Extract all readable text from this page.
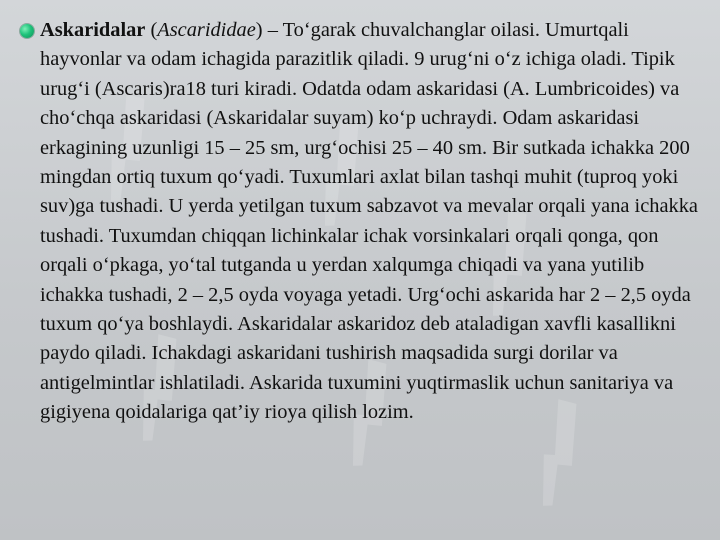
Askaridalar (Ascarididae) – To‘garak chuvalchanglar oilasi. Umurtqali hayvonlar va odam ichagida parazitlik qiladi. 9 urug‘ni o‘z ichiga oladi. Tipik urug‘i (Ascaris)ra18 turi kiradi. Odatda odam askaridasi (A. Lumbricoides) va cho‘chqa askaridasi (Askaridalar suyam) ko‘p uchraydi. Odam askaridasi erkagining uzunligi 15 – 25 sm, urg‘ochisi 25 – 40 sm. Bir sutkada ichakka 200 mingdan ortiq tuxum qo‘yadi. Tuxumlari axlat bilan tashqi muhit (tuproq yoki suv)ga tushadi. U yerda yetilgan tuxum sabzavot va mevalar orqali yana ichakka tushadi. Tuxumdan chiqqan lichinkalar ichak vorsinkalari orqali qonga, qon orqali o‘pkaga, yo‘tal tutganda u yerdan xalqumga chiqadi va yana yutilib ichakka tushadi, 2 – 2,5 oyda voyaga yetadi. Urg‘ochi askarida har 2 – 2,5 oyda tuxum qo‘ya boshlaydi. Askaridalar askaridoz deb ataladigan xavfli kasallikni paydo qiladi. Ichakdagi askaridani tushirish maqsadida surgi dorilar va antigelmintlar ishlatiladi. Askarida tuxumini yuqtirmaslik uchun sanitariya va gigiyena qoidalariga qat’iy rioya qilish lozim.
